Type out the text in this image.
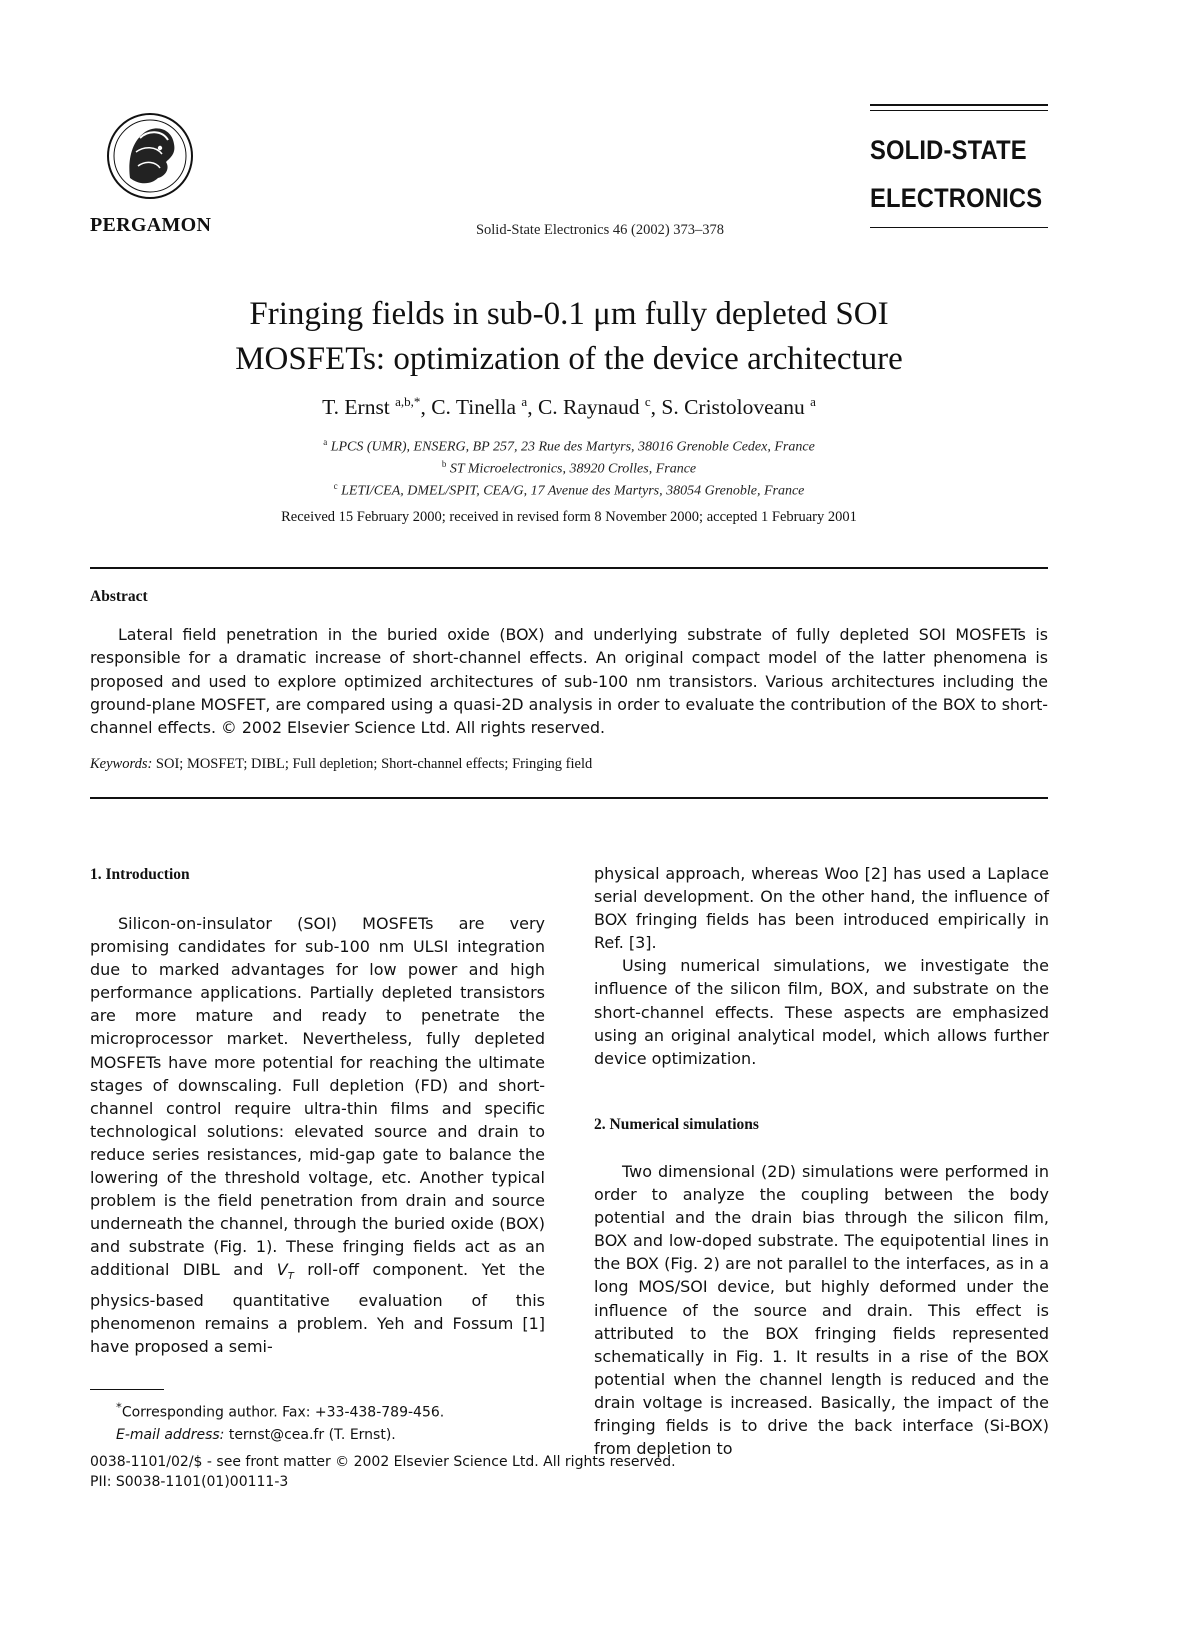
PERGAMON	Solid-State Electronics 46 (2002) 373–378
SOLID-STATE
ELECTRONICS
Fringing fields in sub-0.1 μm fully depleted SOI
MOSFETs: optimization of the device architecture
T. Ernst $^{a,b,*}$, C. Tinella $^a$, C. Raynaud $^c$, S. Cristoloveanu $^a$
$^a$ LPCS (UMR), ENSERG, BP 257, 23 Rue des Martyrs, 38016 Grenoble Cedex, France
$^b$ ST Microelectronics, 38920 Crolles, France
$^c$ LETI/CEA, DMEL/SPIT, CEA/G, 17 Avenue des Martyrs, 38054 Grenoble, France
Received 15 February 2000; received in revised form 8 November 2000; accepted 1 February 2001
Abstract
Lateral field penetration in the buried oxide (BOX) and underlying substrate of fully depleted SOI MOSFETs is responsible for a dramatic increase of short-channel effects. An original compact model of the latter phenomena is proposed and used to explore optimized architectures of sub-100 nm transistors. Various architectures including the ground-plane MOSFET, are compared using a quasi-2D analysis in order to evaluate the contribution of the BOX to short-channel effects. © 2002 Elsevier Science Ltd. All rights reserved.
Keywords: SOI; MOSFET; DIBL; Full depletion; Short-channel effects; Fringing field
1. Introduction

Silicon-on-insulator (SOI) MOSFETs are very promising candidates for sub-100 nm ULSI integration due to marked advantages for low power and high performance applications. Partially depleted transistors are more mature and ready to penetrate the microprocessor market. Nevertheless, fully depleted MOSFETs have more potential for reaching the ultimate stages of downscaling. Full depletion (FD) and short-channel control require ultra-thin films and specific technological solutions: elevated source and drain to reduce series resistances, mid-gap gate to balance the lowering of the threshold voltage, etc. Another typical problem is the field penetration from drain and source underneath the channel, through the buried oxide (BOX) and substrate (Fig. 1). These fringing fields act as an additional DIBL and $V_T$ roll-off component. Yet the physics-based quantitative evaluation of this phenomenon remains a problem. Yeh and Fossum [1] have proposed a semi-

*Corresponding author. Fax: +33-438-789-456.
E-mail address: ternst@cea.fr (T. Ernst).
0038-1101/02/$ - see front matter © 2002 Elsevier Science Ltd. All rights reserved.
PII: S0038-1101(01)00111-3

physical approach, whereas Woo [2] has used a Laplace serial development. On the other hand, the influence of BOX fringing fields has been introduced empirically in Ref. [3].

Using numerical simulations, we investigate the influence of the silicon film, BOX, and substrate on the short-channel effects. These aspects are emphasized using an original analytical model, which allows further device optimization.

2. Numerical simulations

Two dimensional (2D) simulations were performed in order to analyze the coupling between the body potential and the drain bias through the silicon film, BOX and low-doped substrate. The equipotential lines in the BOX (Fig. 2) are not parallel to the interfaces, as in a long MOS/SOI device, but highly deformed under the influence of the source and drain. This effect is attributed to the BOX fringing fields represented schematically in Fig. 1. It results in a rise of the BOX potential when the channel length is reduced and the drain voltage is increased. Basically, the impact of the fringing fields is to drive the back interface (Si-BOX) from depletion to
